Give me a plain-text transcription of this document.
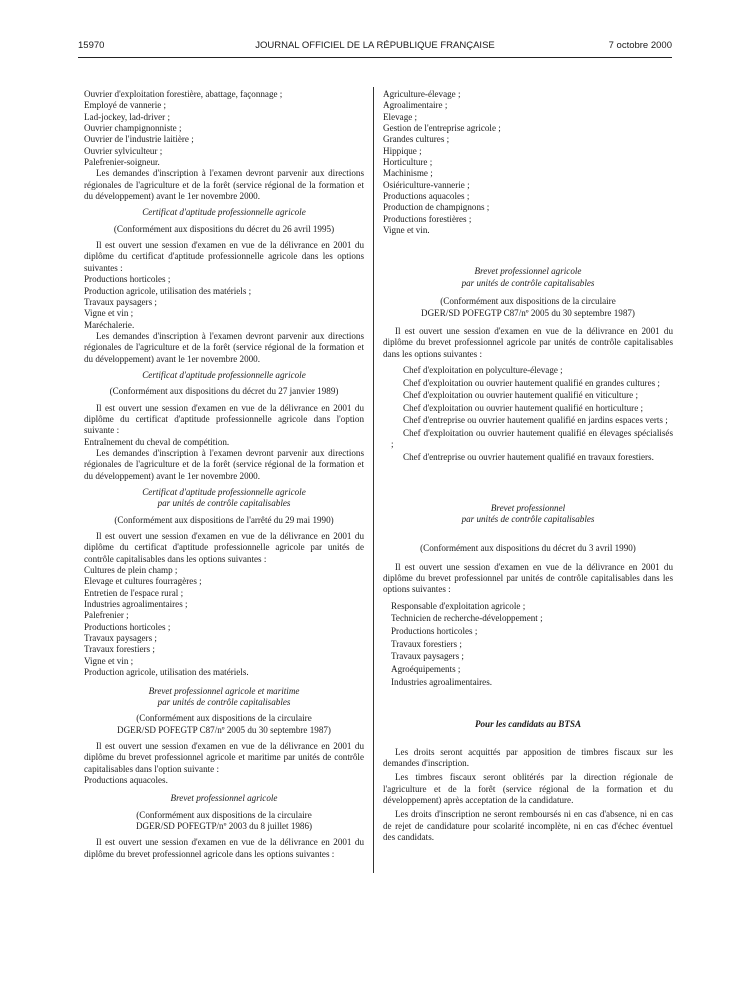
15970	JOURNAL OFFICIEL DE LA RÉPUBLIQUE FRANÇAISE	7 octobre 2000

Ouvrier d'exploitation forestière, abattage, façonnage ;

Employé de vannerie ;

Lad-jockey, lad-driver ;

Ouvrier champignonniste ;

Ouvrier de l'industrie laitière ;

Ouvrier sylviculteur ;

Palefrenier-soigneur.

Les demandes d'inscription à l'examen devront parvenir aux directions régionales de l'agriculture et de la forêt (service régional de la formation et du développement) avant le 1er novembre 2000.

Certificat d'aptitude professionnelle agricole

(Conformément aux dispositions du décret du 26 avril 1995)

Il est ouvert une session d'examen en vue de la délivrance en 2001 du diplôme du certificat d'aptitude professionnelle agricole dans les options suivantes :

Productions horticoles ;

Production agricole, utilisation des matériels ;

Travaux paysagers ;

Vigne et vin ;

Maréchalerie.

Les demandes d'inscription à l'examen devront parvenir aux directions régionales de l'agriculture et de la forêt (service régional de la formation et du développement) avant le 1er novembre 2000.

Certificat d'aptitude professionnelle agricole

(Conformément aux dispositions du décret du 27 janvier 1989)

Il est ouvert une session d'examen en vue de la délivrance en 2001 du diplôme du certificat d'aptitude professionnelle agricole dans l'option suivante :

Entraînement du cheval de compétition.

Les demandes d'inscription à l'examen devront parvenir aux directions régionales de l'agriculture et de la forêt (service régional de la formation et du développement) avant le 1er novembre 2000.

Certificat d'aptitude professionnelle agricole

par unités de contrôle capitalisables

(Conformément aux dispositions de l'arrêté du 29 mai 1990)

Il est ouvert une session d'examen en vue de la délivrance en 2001 du diplôme du certificat d'aptitude professionnelle agricole par unités de contrôle capitalisables dans les options suivantes :

Cultures de plein champ ;

Elevage et cultures fourragères ;

Entretien de l'espace rural ;

Industries agroalimentaires ;

Palefrenier ;

Productions horticoles ;

Travaux paysagers ;

Travaux forestiers ;

Vigne et vin ;

Production agricole, utilisation des matériels.

Brevet professionnel agricole et maritime

par unités de contrôle capitalisables

(Conformément aux dispositions de la circulaire

DGER/SD POFEGTP C87/nº 2005 du 30 septembre 1987)

Il est ouvert une session d'examen en vue de la délivrance en 2001 du diplôme du brevet professionnel agricole et maritime par unités de contrôle capitalisables dans l'option suivante :

Productions aquacoles.

Brevet professionnel agricole

(Conformément aux dispositions de la circulaire

DGER/SD POFEGTP/nº 2003 du 8 juillet 1986)

Il est ouvert une session d'examen en vue de la délivrance en 2001 du diplôme du brevet professionnel agricole dans les options suivantes :

Agriculture-élevage ;

Agroalimentaire ;

Elevage ;

Gestion de l'entreprise agricole ;

Grandes cultures ;

Hippique ;

Horticulture ;

Machinisme ;

Osiériculture-vannerie ;

Productions aquacoles ;

Production de champignons ;

Productions forestières ;

Vigne et vin.

Brevet professionnel agricole

par unités de contrôle capitalisables

(Conformément aux dispositions de la circulaire

DGER/SD POFEGTP C87/nº 2005 du 30 septembre 1987)

Il est ouvert une session d'examen en vue de la délivrance en 2001 du diplôme du brevet professionnel agricole par unités de contrôle capitalisables dans les options suivantes :

Chef d'exploitation en polyculture-élevage ;

Chef d'exploitation ou ouvrier hautement qualifié en grandes cultures ;

Chef d'exploitation ou ouvrier hautement qualifié en viticulture ;

Chef d'exploitation ou ouvrier hautement qualifié en horticulture ;

Chef d'entreprise ou ouvrier hautement qualifié en jardins espaces verts ;

Chef d'exploitation ou ouvrier hautement qualifié en élevages spécialisés ;

Chef d'entreprise ou ouvrier hautement qualifié en travaux forestiers.

Brevet professionnel

par unités de contrôle capitalisables

(Conformément aux dispositions du décret du 3 avril 1990)

Il est ouvert une session d'examen en vue de la délivrance en 2001 du diplôme du brevet professionnel par unités de contrôle capitalisables dans les options suivantes :

Responsable d'exploitation agricole ;

Technicien de recherche-développement ;

Productions horticoles ;

Travaux forestiers ;

Travaux paysagers ;

Agroéquipements ;

Industries agroalimentaires.

Pour les candidats au BTSA

Les droits seront acquittés par apposition de timbres fiscaux sur les demandes d'inscription.

Les timbres fiscaux seront oblitérés par la direction régionale de l'agriculture et de la forêt (service régional de la formation et du développement) après acceptation de la candidature.

Les droits d'inscription ne seront remboursés ni en cas d'absence, ni en cas de rejet de candidature pour scolarité incomplète, ni en cas d'échec éventuel des candidats.
